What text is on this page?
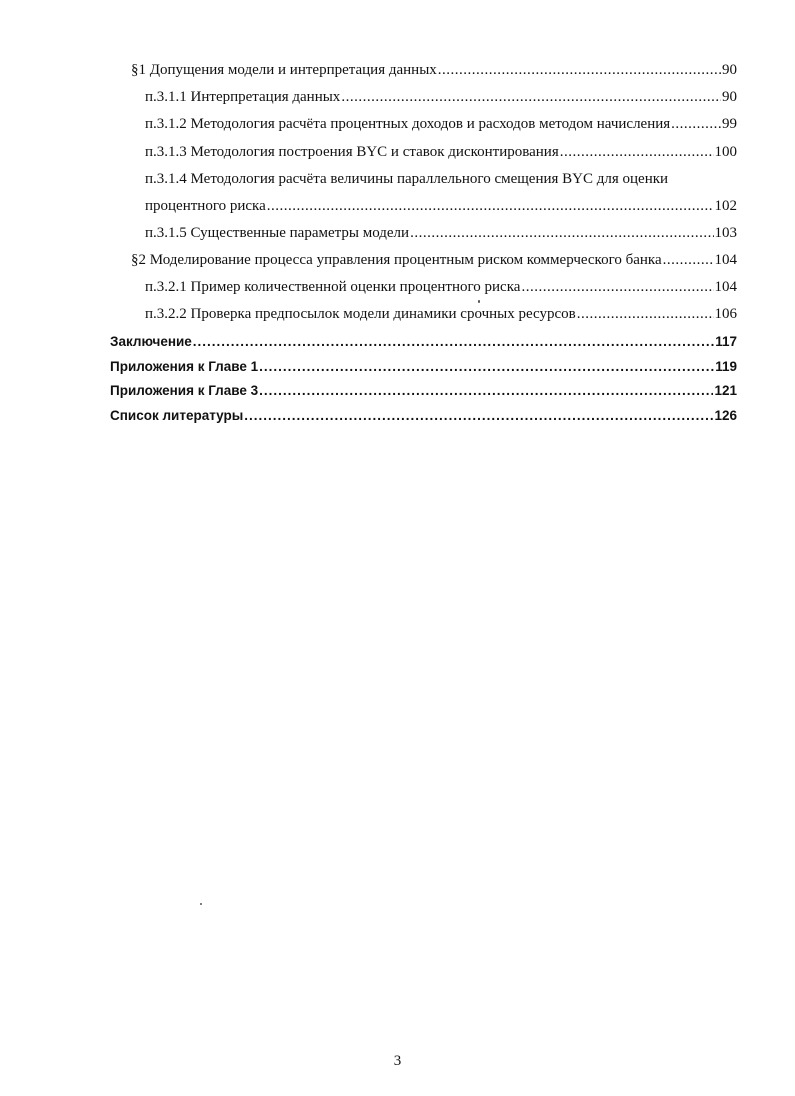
§1 Допущения модели и интерпретация данных .....	90
п.3.1.1 Интерпретация данных .....	90
п.3.1.2 Методология расчёта процентных доходов и расходов методом начисления .....	99
п.3.1.3 Методология построения BYC и ставок дисконтирования .....	100
п.3.1.4 Методология расчёта величины параллельного смещения BYC для оценки
процентного риска .....	102
п.3.1.5 Существенные параметры модели .....	103
§2 Моделирование процесса управления процентным риском коммерческого банка .....	104
п.3.2.1 Пример количественной оценки процентного риска .....	104
п.3.2.2 Проверка предпосылок модели динамики срочных ресурсов .....	106
Заключение .....	117
Приложения к Главе 1 .....	119
Приложения к Главе 3 .....	121
Список литературы .....	126
3
